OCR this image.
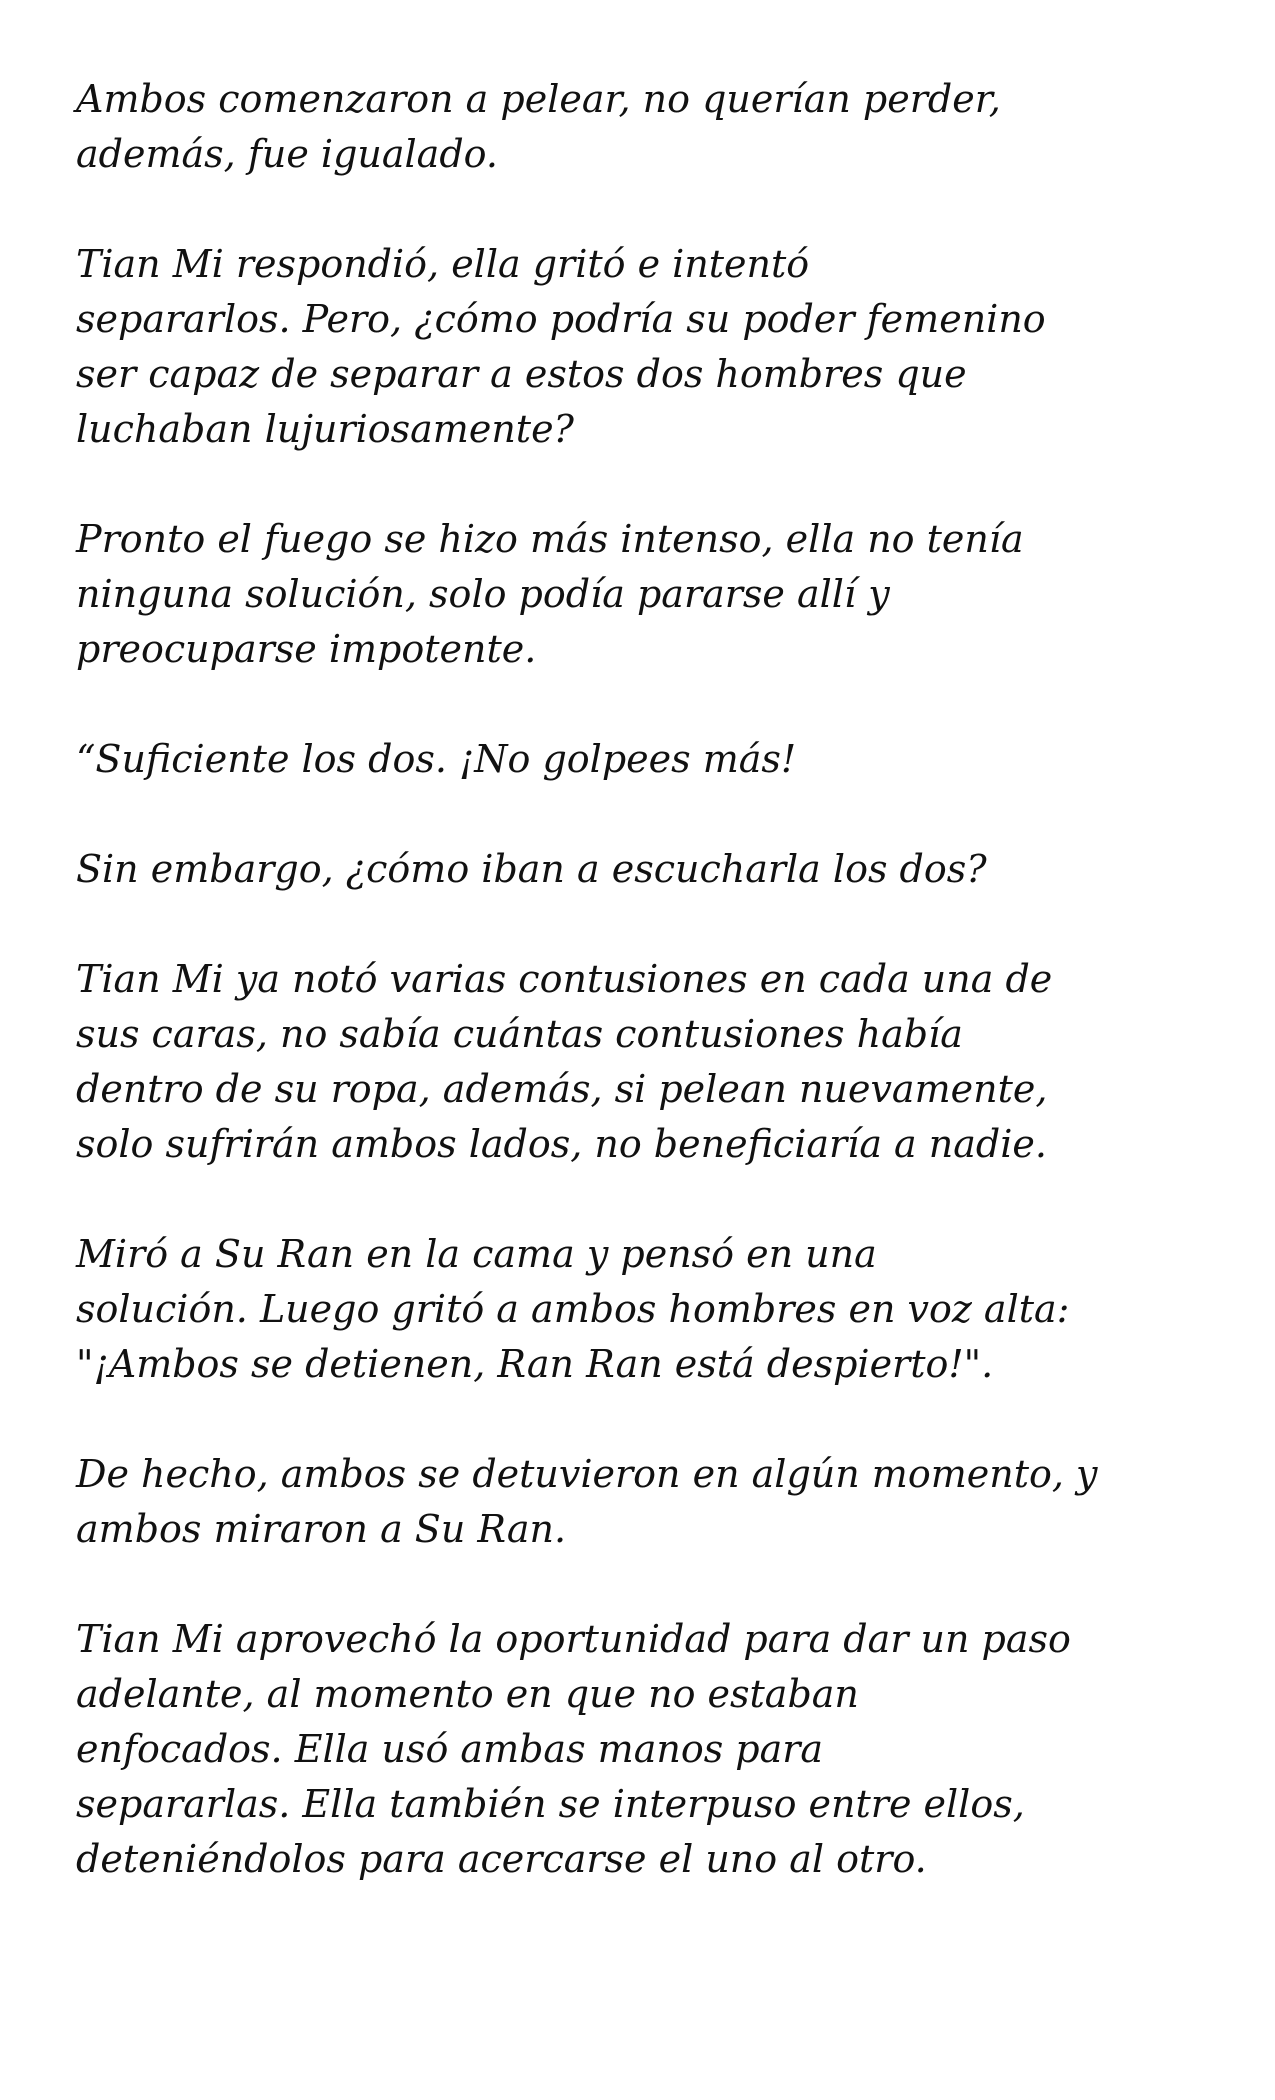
Ambos comenzaron a pelear, no querían perder,
además, fue igualado.

Tian Mi respondió, ella gritó e intentó
separarlos. Pero, ¿cómo podría su poder femenino
ser capaz de separar a estos dos hombres que
luchaban lujuriosamente?

Pronto el fuego se hizo más intenso, ella no tenía
ninguna solución, solo podía pararse allí y
preocuparse impotente.

“Suficiente los dos. ¡No golpees más!

Sin embargo, ¿cómo iban a escucharla los dos?

Tian Mi ya notó varias contusiones en cada una de
sus caras, no sabía cuántas contusiones había
dentro de su ropa, además, si pelean nuevamente,
solo sufrirán ambos lados, no beneficiaría a nadie.

Miró a Su Ran en la cama y pensó en una
solución. Luego gritó a ambos hombres en voz alta:
"¡Ambos se detienen, Ran Ran está despierto!".

De hecho, ambos se detuvieron en algún momento, y
ambos miraron a Su Ran.

Tian Mi aprovechó la oportunidad para dar un paso
adelante, al momento en que no estaban
enfocados. Ella usó ambas manos para
separarlas. Ella también se interpuso entre ellos,
deteniéndolos para acercarse el uno al otro.
